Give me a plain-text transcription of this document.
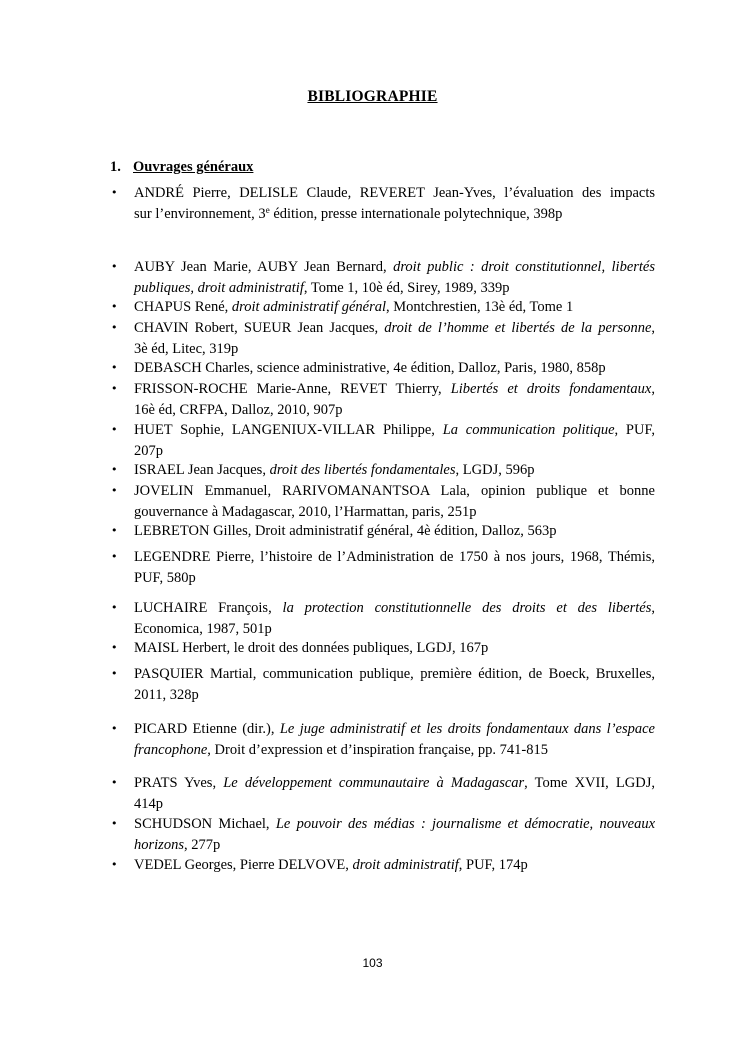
BIBLIOGRAPHIE
1. Ouvrages généraux
• ANDRÉ Pierre, DELISLE Claude, REVERET Jean-Yves, l’évaluation des impacts
sur l’environnement, 3e édition, presse internationale polytechnique, 398p
• AUBY Jean Marie, AUBY Jean Bernard, droit public : droit constitutionnel, libertés
publiques, droit administratif, Tome 1, 10è éd, Sirey, 1989, 339p
• CHAPUS René, droit administratif général, Montchrestien, 13è éd, Tome 1
• CHAVIN Robert, SUEUR Jean Jacques, droit de l’homme et libertés de la personne,
3è éd, Litec, 319p
• DEBASCH Charles, science administrative, 4e édition, Dalloz, Paris, 1980, 858p
• FRISSON-ROCHE Marie-Anne, REVET Thierry, Libertés et droits fondamentaux,
16è éd, CRFPA, Dalloz, 2010, 907p
• HUET Sophie, LANGENIUX-VILLAR Philippe, La communication politique, PUF,
207p
• ISRAEL Jean Jacques, droit des libertés fondamentales, LGDJ, 596p
• JOVELIN Emmanuel, RARIVOMANANTSOA Lala, opinion publique et bonne
gouvernance à Madagascar, 2010, l’Harmattan, paris, 251p
• LEBRETON Gilles, Droit administratif général, 4è édition, Dalloz, 563p
• LEGENDRE Pierre, l’histoire de l’Administration de 1750 à nos jours, 1968, Thémis,
PUF, 580p
• LUCHAIRE François, la protection constitutionnelle des droits et des libertés,
Economica, 1987, 501p
• MAISL Herbert, le droit des données publiques, LGDJ, 167p
• PASQUIER Martial, communication publique, première édition, de Boeck, Bruxelles,
2011, 328p
• PICARD Etienne (dir.), Le juge administratif et les droits fondamentaux dans l’espace
francophone, Droit d’expression et d’inspiration française, pp. 741-815
• PRATS Yves, Le développement communautaire à Madagascar, Tome XVII, LGDJ,
414p
• SCHUDSON Michael, Le pouvoir des médias : journalisme et démocratie, nouveaux
horizons, 277p
• VEDEL Georges, Pierre DELVOVE, droit administratif, PUF, 174p
103
